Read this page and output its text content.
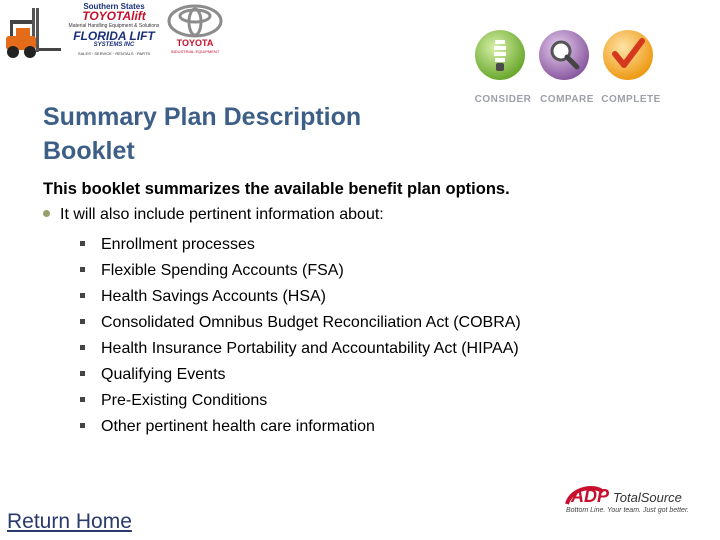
Southern States
TOYOTAlift
Material Handling Equipment & Solutions
FLORIDA LIFT
SYSTEMS INC
SALES · SERVICE · RENTALS · PARTS
TOYOTA
INDUSTRIAL EQUIPMENT
CONSIDER COMPARE COMPLETE
Summary Plan Description Booklet

This booklet summarizes the available benefit plan options.

It will also include pertinent information about:

Enrollment processes
Flexible Spending Accounts (FSA)
Health Savings Accounts (HSA)
Consolidated Omnibus Budget Reconciliation Act (COBRA)
Health Insurance Portability and Accountability Act (HIPAA)
Qualifying Events
Pre-Existing Conditions
Other pertinent health care information
Return Home
ADP TotalSource
Bottom Line. Your team. Just got better.
